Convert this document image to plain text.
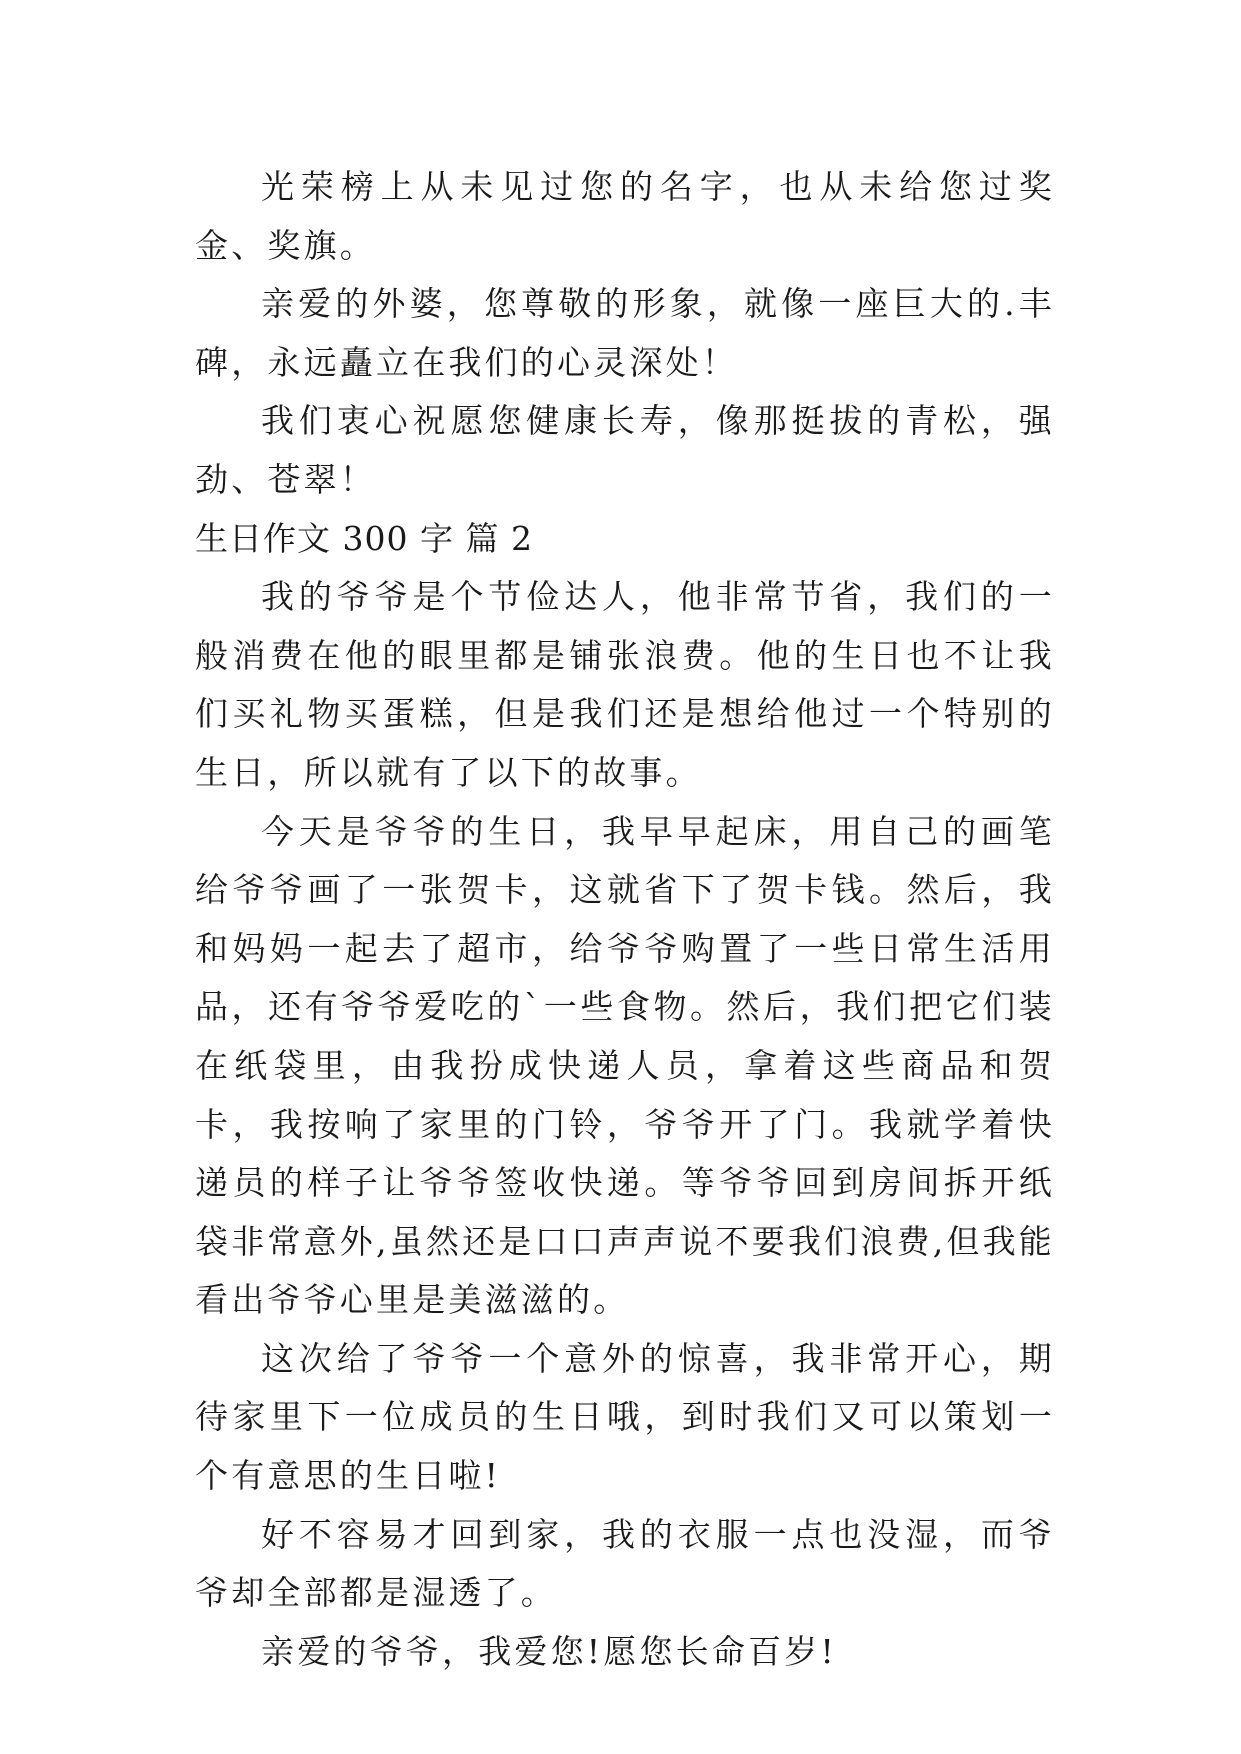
光荣榜上从未见过您的名字，也从未给您过奖金、奖旗。

亲爱的外婆，您尊敬的形象，就像一座巨大的.丰碑，永远矗立在我们的心灵深处！

我们衷心祝愿您健康长寿，像那挺拔的青松，强劲、苍翠！

生日作文 300 字 篇 2

我的爷爷是个节俭达人，他非常节省，我们的一般消费在他的眼里都是铺张浪费。他的生日也不让我们买礼物买蛋糕，但是我们还是想给他过一个特别的生日，所以就有了以下的故事。

今天是爷爷的生日，我早早起床，用自己的画笔给爷爷画了一张贺卡，这就省下了贺卡钱。然后，我和妈妈一起去了超市，给爷爷购置了一些日常生活用品，还有爷爷爱吃的`一些食物。然后，我们把它们装在纸袋里，由我扮成快递人员，拿着这些商品和贺卡，我按响了家里的门铃，爷爷开了门。我就学着快递员的样子让爷爷签收快递。等爷爷回到房间拆开纸袋非常意外,虽然还是口口声声说不要我们浪费,但我能看出爷爷心里是美滋滋的。

这次给了爷爷一个意外的惊喜，我非常开心，期待家里下一位成员的生日哦，到时我们又可以策划一个有意思的生日啦!

好不容易才回到家，我的衣服一点也没湿，而爷爷却全部都是湿透了。

亲爱的爷爷，我爱您!愿您长命百岁!
